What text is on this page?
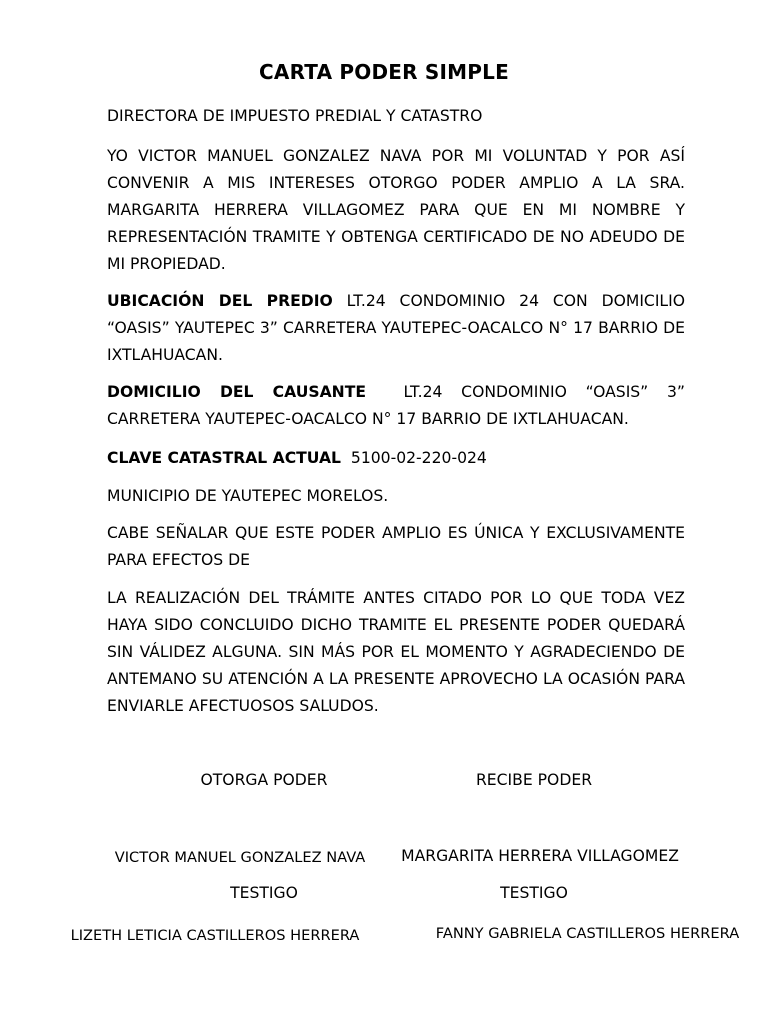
CARTA PODER SIMPLE
DIRECTORA DE IMPUESTO PREDIAL Y CATASTRO
YO VICTOR MANUEL GONZALEZ NAVA POR MI VOLUNTAD Y POR ASÍ CONVENIR A MIS INTERESES OTORGO PODER AMPLIO A LA SRA. MARGARITA HERRERA VILLAGOMEZ PARA QUE EN MI NOMBRE Y REPRESENTACIÓN TRAMITE Y OBTENGA CERTIFICADO DE NO ADEUDO DE MI PROPIEDAD.
UBICACIÓN DEL PREDIO LT.24 CONDOMINIO 24 CON DOMICILIO “OASIS” YAUTEPEC 3” CARRETERA YAUTEPEC-OACALCO N° 17 BARRIO DE IXTLAHUACAN.
DOMICILIO DEL CAUSANTE LT.24 CONDOMINIO “OASIS” 3” CARRETERA YAUTEPEC-OACALCO N° 17 BARRIO DE IXTLAHUACAN.
CLAVE CATASTRAL ACTUAL 5100-02-220-024
MUNICIPIO DE YAUTEPEC MORELOS.
CABE SEÑALAR QUE ESTE PODER AMPLIO ES ÚNICA Y EXCLUSIVAMENTE PARA EFECTOS DE
LA REALIZACIÓN DEL TRÁMITE ANTES CITADO POR LO QUE TODA VEZ HAYA SIDO CONCLUIDO DICHO TRAMITE EL PRESENTE PODER QUEDARÁ SIN VÁLIDEZ ALGUNA. SIN MÁS POR EL MOMENTO Y AGRADECIENDO DE ANTEMANO SU ATENCIÓN A LA PRESENTE APROVECHO LA OCASIÓN PARA ENVIARLE AFECTUOSOS SALUDOS.
OTORGA PODER	RECIBE PODER
VICTOR MANUEL GONZALEZ NAVA	MARGARITA HERRERA VILLAGOMEZ
TESTIGO	TESTIGO
LIZETH LETICIA CASTILLEROS HERRERA	FANNY GABRIELA CASTILLEROS HERRERA
